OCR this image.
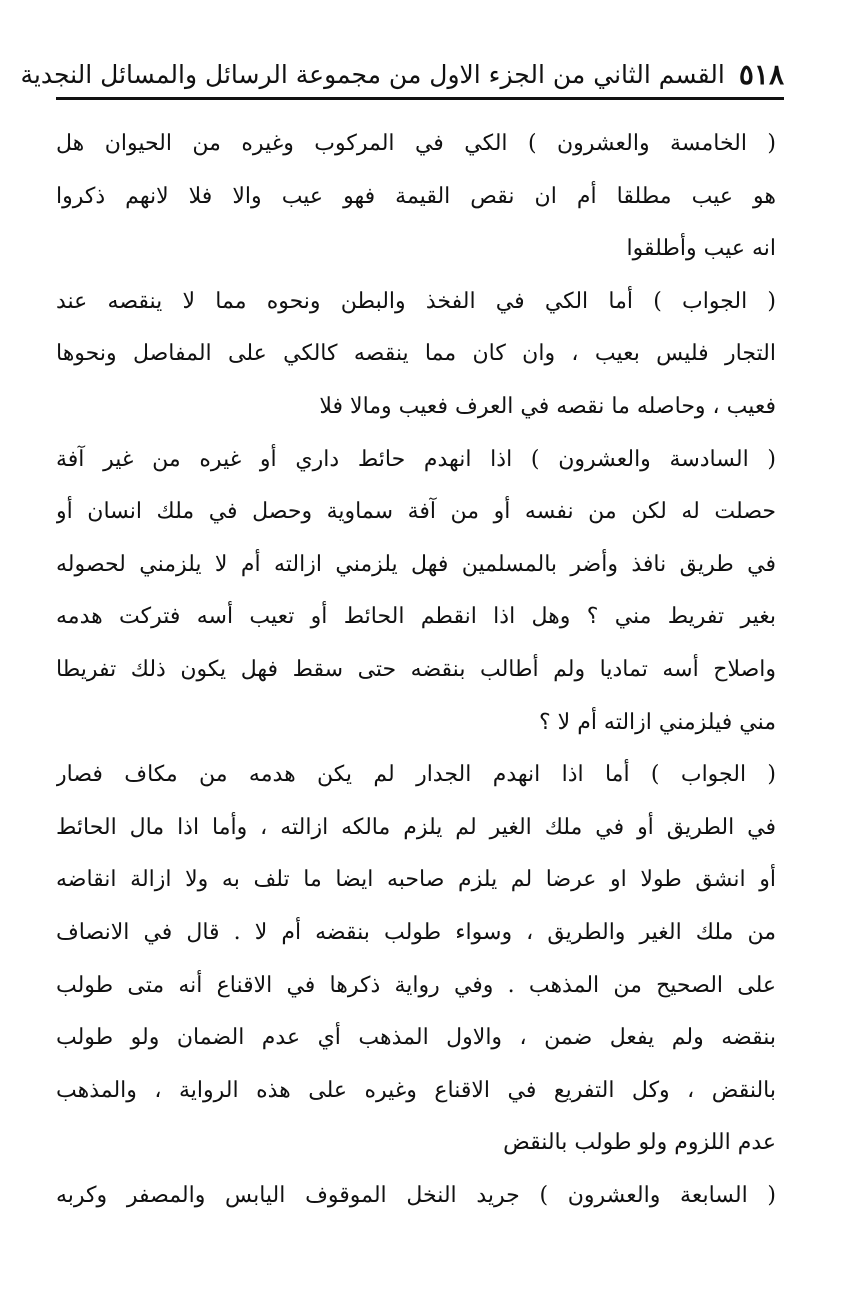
٥١٨
القسم الثاني من الجزء الاول من مجموعة الرسائل والمسائل النجدية
( الخامسة والعشرون ) الكي في المركوب وغيره من الحيوان هل
هو عيب مطلقا أم ان نقص القيمة فهو عيب والا فلا لانهم ذكروا
انه عيب وأطلقوا
( الجواب ) أما الكي في الفخذ والبطن ونحوه مما لا ينقصه عند
التجار فليس بعيب ، وان كان مما ينقصه كالكي على المفاصل ونحوها
فعيب ، وحاصله ما نقصه في العرف فعيب ومالا فلا
( السادسة والعشرون ) اذا انهدم حائط داري أو غيره من غير آفة
حصلت له لكن من نفسه أو من آفة سماوية وحصل في ملك انسان أو
في طريق نافذ وأضر بالمسلمين فهل يلزمني ازالته أم لا يلزمني لحصوله
بغير تفريط مني ؟ وهل اذا انقطم الحائط أو تعيب أسه فتركت هدمه
واصلاح أسه تماديا ولم أطالب بنقضه حتى سقط فهل يكون ذلك تفريطا
مني فيلزمني ازالته أم لا ؟
( الجواب ) أما اذا انهدم الجدار لم يكن هدمه من مكاف فصار
في الطريق أو في ملك الغير لم يلزم مالكه ازالته ، وأما اذا مال الحائط
أو انشق طولا او عرضا لم يلزم صاحبه ايضا ما تلف به ولا ازالة انقاضه
من ملك الغير والطريق ، وسواء طولب بنقضه أم لا . قال في الانصاف
على الصحيح من المذهب . وفي رواية ذكرها في الاقناع أنه متى طولب
بنقضه ولم يفعل ضمن ، والاول المذهب أي عدم الضمان ولو طولب
بالنقض ، وكل التفريع في الاقناع وغيره على هذه الرواية ، والمذهب
عدم اللزوم ولو طولب بالنقض
( السابعة والعشرون ) جريد النخل الموقوف اليابس والمصفر وكربه
